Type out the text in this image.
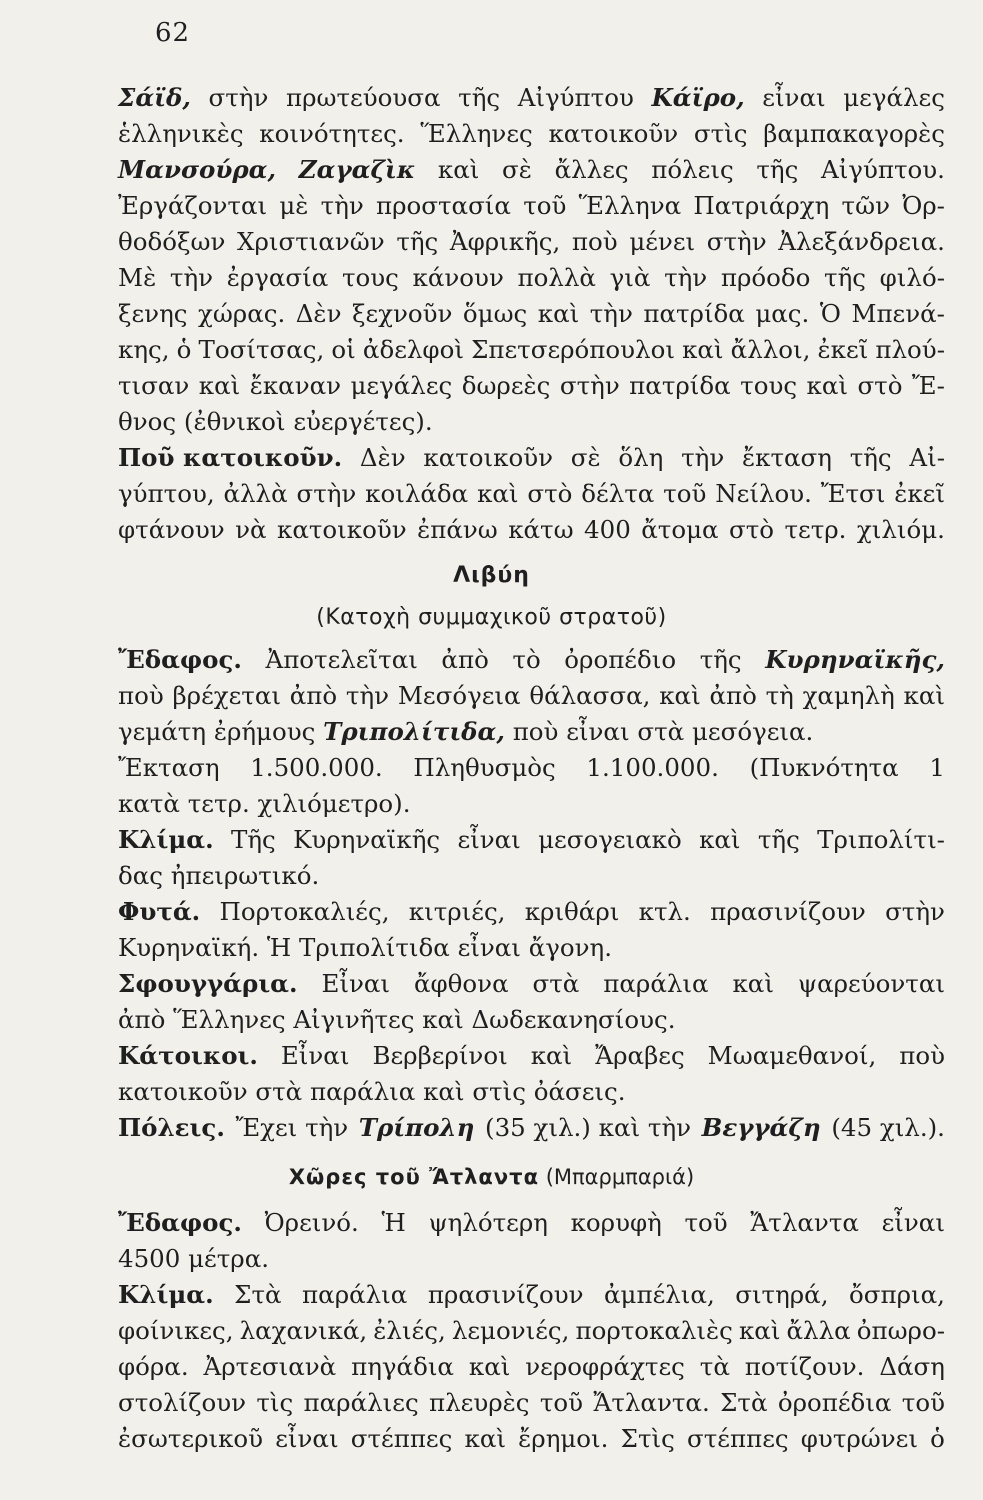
62
Σάϊδ, στὴν πρωτεύουσα τῆς Αἰγύπτου Κάϊρο, εἶναι μεγάλες
ἑλληνικὲς κοινότητες. Ἕλληνες κατοικοῦν στὶς βαμπακαγορὲς
Μανσούρα, Ζαγαζὶκ καὶ σὲ ἄλλες πόλεις τῆς Αἰγύπτου.
Ἐργάζονται μὲ τὴν προστασία τοῦ Ἕλληνα Πατριάρχη τῶν Ὀρ-
θοδόξων Χριστιανῶν τῆς Ἀφρικῆς, ποὺ μένει στὴν Ἀλεξάνδρεια.
Μὲ τὴν ἐργασία τους κάνουν πολλὰ γιὰ τὴν πρόοδο τῆς φιλό-
ξενης χώρας. Δὲν ξεχνοῦν ὅμως καὶ τὴν πατρίδα μας. Ὁ Μπενά-
κης, ὁ Τοσίτσας, οἱ ἀδελφοὶ Σπετσερόπουλοι καὶ ἄλλοι, ἐκεῖ πλού-
τισαν καὶ ἔκαναν μεγάλες δωρεὲς στὴν πατρίδα τους καὶ στὸ Ἔ-
θνος (ἐθνικοὶ εὐεργέτες).
Ποῦ κατοικοῦν. Δὲν κατοικοῦν σὲ ὅλη τὴν ἔκταση τῆς Αἰ-
γύπτου, ἀλλὰ στὴν κοιλάδα καὶ στὸ δέλτα τοῦ Νείλου. Ἔτσι ἐκεῖ
φτάνουν νὰ κατοικοῦν ἐπάνω κάτω 400 ἄτομα στὸ τετρ. χιλιόμ.
Λιβύη
(Κατοχὴ συμμαχικοῦ στρατοῦ)
Ἔδαφος. Ἀποτελεῖται ἀπὸ τὸ ὀροπέδιο τῆς Κυρηναϊκῆς,
ποὺ βρέχεται ἀπὸ τὴν Μεσόγεια θάλασσα, καὶ ἀπὸ τὴ χαμηλὴ καὶ
γεμάτη ἐρήμους Τριπολίτιδα, ποὺ εἶναι στὰ μεσόγεια.
Ἔκταση 1.500.000. Πληθυσμὸς 1.100.000. (Πυκνότητα 1
κατὰ τετρ. χιλιόμετρο).
Κλίμα. Τῆς Κυρηναϊκῆς εἶναι μεσογειακὸ καὶ τῆς Τριπολίτι-
δας ἠπειρωτικό.
Φυτά. Πορτοκαλιές, κιτριές, κριθάρι κτλ. πρασινίζουν στὴν
Κυρηναϊκή. Ἡ Τριπολίτιδα εἶναι ἄγονη.
Σφουγγάρια. Εἶναι ἄφθονα στὰ παράλια καὶ ψαρεύονται
ἀπὸ Ἕλληνες Αἰγινῆτες καὶ Δωδεκανησίους.
Κάτοικοι. Εἶναι Βερβερίνοι καὶ Ἄραβες Μωαμεθανοί, ποὺ
κατοικοῦν στὰ παράλια καὶ στὶς ὀάσεις.
Πόλεις. Ἔχει τὴν Τρίπολη (35 χιλ.) καὶ τὴν Βεγγάζη (45 χιλ.).
Χῶρες τοῦ Ἄτλαντα (Μπαρμπαριά)
Ἔδαφος. Ὀρεινό. Ἡ ψηλότερη κορυφὴ τοῦ Ἄτλαντα εἶναι
4500 μέτρα.
Κλίμα. Στὰ παράλια πρασινίζουν ἀμπέλια, σιτηρά, ὄσπρια,
φοίνικες, λαχανικά, ἐλιές, λεμονιές, πορτοκαλιὲς καὶ ἄλλα ὀπωρο-
φόρα. Ἀρτεσιανὰ πηγάδια καὶ νεροφράχτες τὰ ποτίζουν. Δάση
στολίζουν τὶς παράλιες πλευρὲς τοῦ Ἄτλαντα. Στὰ ὀροπέδια τοῦ
ἐσωτερικοῦ εἶναι στέππες καὶ ἔρημοι. Στὶς στέππες φυτρώνει ὁ
